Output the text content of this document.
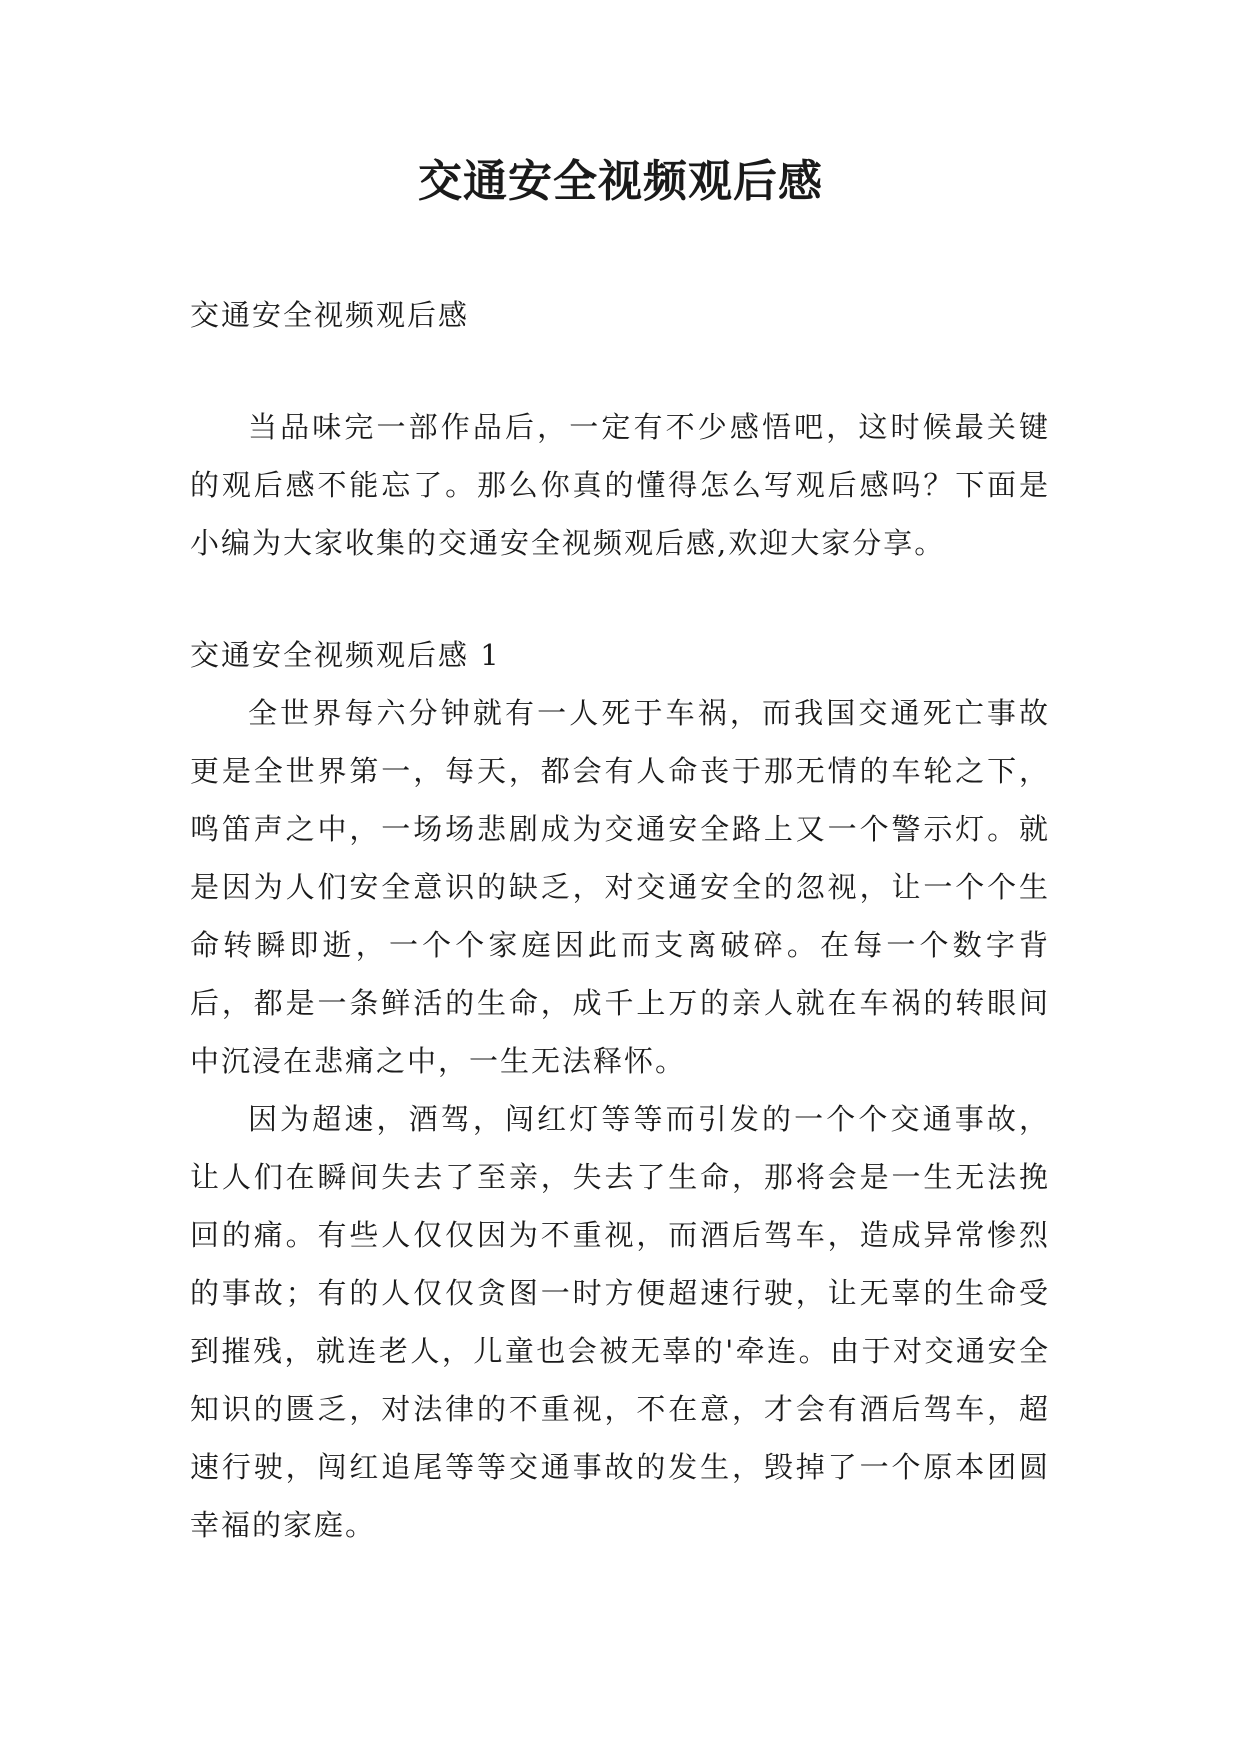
交通安全视频观后感

交通安全视频观后感

当品味完一部作品后，一定有不少感悟吧，这时候最关键的观后感不能忘了。那么你真的懂得怎么写观后感吗？下面是小编为大家收集的交通安全视频观后感,欢迎大家分享。

交通安全视频观后感 1

全世界每六分钟就有一人死于车祸，而我国交通死亡事故更是全世界第一，每天，都会有人命丧于那无情的车轮之下，鸣笛声之中，一场场悲剧成为交通安全路上又一个警示灯。就是因为人们安全意识的缺乏，对交通安全的忽视，让一个个生命转瞬即逝，一个个家庭因此而支离破碎。在每一个数字背后，都是一条鲜活的生命，成千上万的亲人就在车祸的转眼间中沉浸在悲痛之中，一生无法释怀。

因为超速，酒驾，闯红灯等等而引发的一个个交通事故，让人们在瞬间失去了至亲，失去了生命，那将会是一生无法挽回的痛。有些人仅仅因为不重视，而酒后驾车，造成异常惨烈的事故；有的人仅仅贪图一时方便超速行驶，让无辜的生命受到摧残，就连老人，儿童也会被无辜的'牵连。由于对交通安全知识的匮乏，对法律的不重视，不在意，才会有酒后驾车，超速行驶，闯红追尾等等交通事故的发生，毁掉了一个原本团圆幸福的家庭。
